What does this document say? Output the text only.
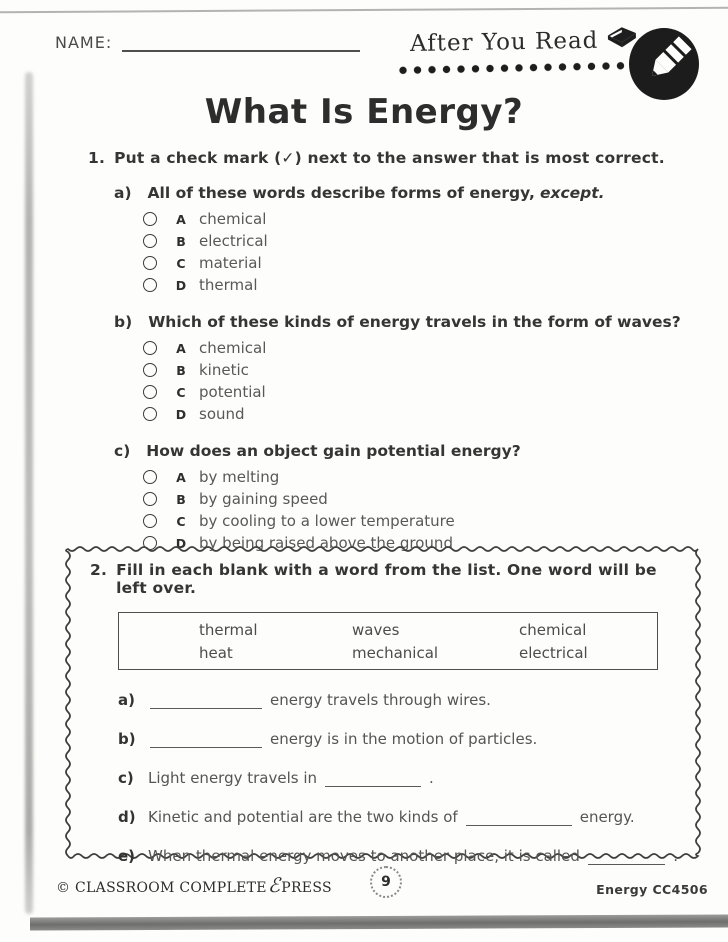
NAME:	After You Read
What Is Energy?
1. Put a check mark (✓) next to the answer that is most correct.
a) All of these words describe forms of energy, except.
A chemical
B electrical
C material
D thermal
b) Which of these kinds of energy travels in the form of waves?
A chemical
B kinetic
C potential
D sound
c) How does an object gain potential energy?
A by melting
B by gaining speed
C by cooling to a lower temperature
D by being raised above the ground
2. Fill in each blank with a word from the list. One word will be left over.
thermal	waves	chemical
heat	mechanical	electrical
a)	energy travels through wires.
b)	energy is in the motion of particles.
c) Light energy travels in	.
d) Kinetic and potential are the two kinds of	energy.
e) When thermal energy moves to another place, it is called	.
© CLASSROOM COMPLETE ℰ PRESS	9	Energy CC4506
